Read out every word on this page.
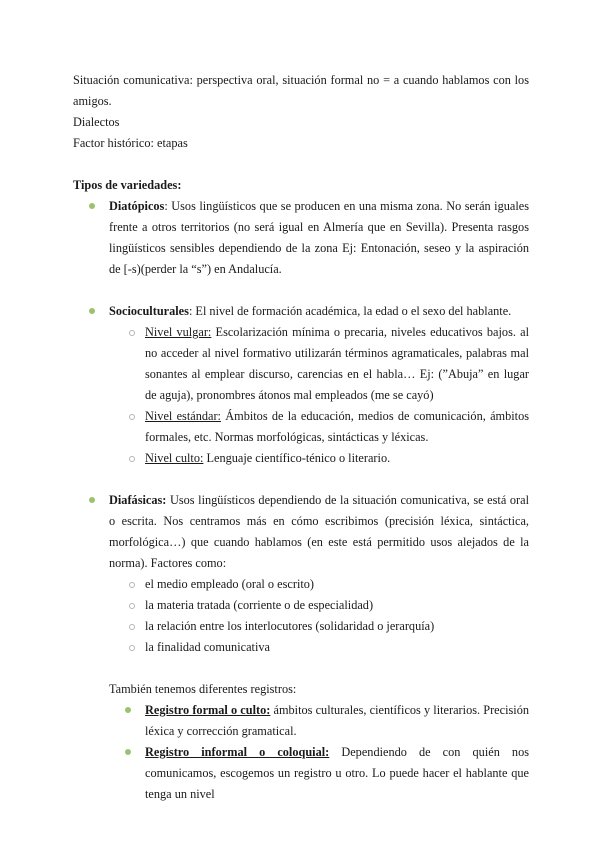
Situación comunicativa: perspectiva oral, situación formal no = a cuando hablamos con los amigos.

Dialectos

Factor histórico: etapas

Tipos de variedades:
Diatópicos: Usos lingüísticos que se producen en una misma zona. No serán iguales frente a otros territorios (no será igual en Almería que en Sevilla). Presenta rasgos lingüísticos sensibles dependiendo de la zona Ej: Entonación, seseo y la aspiración de [-s)(perder la “s”) en Andalucía.
Socioculturales: El nivel de formación académica, la edad o el sexo del hablante.
Nivel vulgar: Escolarización mínima o precaria, niveles educativos bajos. al no acceder al nivel formativo utilizarán términos agramaticales, palabras mal sonantes al emplear discurso, carencias en el habla… Ej: (”Abuja” en lugar de aguja), pronombres átonos mal empleados (me se cayó)
Nivel estándar: Ámbitos de la educación, medios de comunicación, ámbitos formales, etc. Normas morfológicas, sintácticas y léxicas.
Nivel culto: Lenguaje científico-ténico o literario.
Diafásicas: Usos lingüísticos dependiendo de la situación comunicativa, se está oral o escrita. Nos centramos más en cómo escribimos (precisión léxica, sintáctica, morfológica…) que cuando hablamos (en este está permitido usos alejados de la norma). Factores como:
el medio empleado (oral o escrito)
la materia tratada (corriente o de especialidad)
la relación entre los interlocutores (solidaridad o jerarquía)
la finalidad comunicativa
También tenemos diferentes registros:
Registro formal o culto: ámbitos culturales, científicos y literarios. Precisión léxica y corrección gramatical.
Registro informal o coloquial: Dependiendo de con quién nos comunicamos, escogemos un registro u otro. Lo puede hacer el hablante que tenga un nivel
